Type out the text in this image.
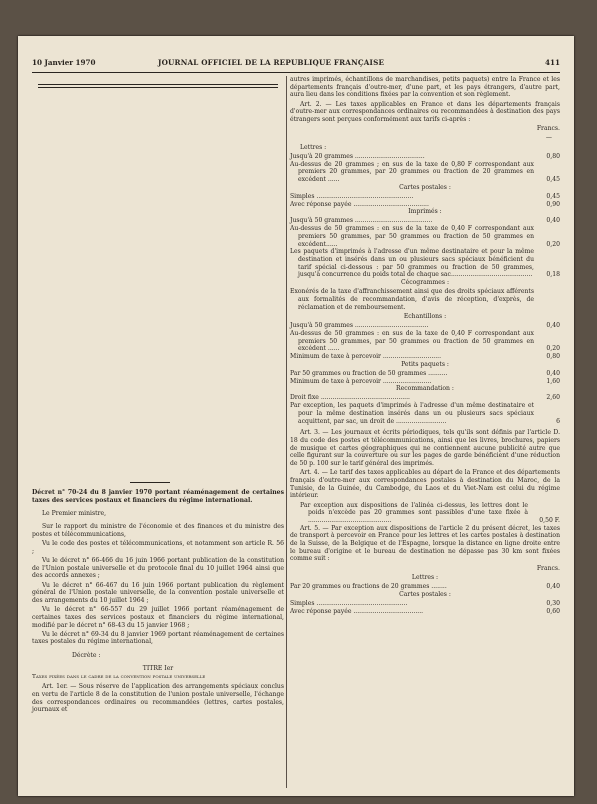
10 Janvier 1970	JOURNAL OFFICIEL DE LA REPUBLIQUE FRANÇAISE	411

Décret n° 70-24 du 8 janvier 1970 portant réaménagement de certaines taxes des services postaux et financiers du régime international.

Le Premier ministre,

Sur le rapport du ministre de l'économie et des finances et du ministre des postes et télécommunications,

Vu le code des postes et télécommunications, et notamment son article R. 56 ;

Vu le décret n° 66-466 du 16 juin 1966 portant publication de la constitution de l'Union postale universelle et du protocole final du 10 juillet 1964 ainsi que des accords annexes ;

Vu le décret n° 66-467 du 16 juin 1966 portant publication du règlement général de l'Union postale universelle, de la convention postale universelle et des arrangements du 10 juillet 1964 ;

Vu le décret n° 66-557 du 29 juillet 1966 portant réaménagement de certaines taxes des services postaux et financiers du régime international, modifié par le décret n° 68-43 du 15 janvier 1968 ;

Vu le décret n° 69-34 du 8 janvier 1969 portant réaménagement de certaines taxes postales du régime international,

Décrète :

TITRE Ier

Taxes fixées dans le cadre de la convention postale universelle

Art. 1er. — Sous réserve de l'application des arrangements spéciaux conclus en vertu de l'article 8 de la constitution de l'union postale universelle, l'échange des correspondances ordinaires ou recommandées (lettres, cartes postales, journaux et

autres imprimés, échantillons de marchandises, petits paquets) entre la France et les départements français d'outre-mer, d'une part, et les pays étrangers, d'autre part, aura lieu dans les conditions fixées par la convention et son règlement.

Art. 2. — Les taxes applicables en France et dans les départements français d'outre-mer aux correspondances ordinaires ou recommandées à destination des pays étrangers sont perçues conformément aux tarifs ci-après :

Francs.

—

Lettres :

Jusqu'à 20 grammes ....................................	0,80
Au-dessus de 20 grammes ; en sus de la taxe de 0,80 F correspondant aux premiers 20 grammes, par 20 grammes ou fraction de 20 grammes en excédent ......	0,45

Cartes postales :

Simples ..................................................	0,45
Avec réponse payée .......................................	0,90

Imprimés :

Jusqu'à 50 grammes ........................................	0,40
Au-dessus de 50 grammes : en sus de la taxe de 0,40 F correspondant aux premiers 50 grammes, par 50 grammes ou fraction de 50 grammes en excédent......	0,20
Les paquets d'imprimés à l'adresse d'un même destinataire et pour la même destination et insérés dans un ou plusieurs sacs spéciaux bénéficient du tarif spécial ci-dessous : par 50 grammes ou fraction de 50 grammes, jusqu'à concurrence du poids total de chaque sac..........................................	0,18

Cécogrammes :

Exonérés de la taxe d'affranchissement ainsi que des droits spéciaux afférents aux formalités de recommandation, d'avis de réception, d'exprès, de réclamation et de remboursement.

Echantillons :

Jusqu'à 50 grammes ......................................	0,40
Au-dessus de 50 grammes : en sus de la taxe de 0,40 F correspondant aux premiers 50 grammes, par 50 grammes ou fraction de 50 grammes en excédent ......	0,20
Minimum de taxe à percevoir ..............................	0,80

Petits paquets :

Par 50 grammes ou fraction de 50 grammes ..........	0,40
Minimum de taxe à percevoir .........................	1,60

Recommandation :

Droit fixe ..............................................	2,60
Par exception, les paquets d'imprimés à l'adresse d'un même destinataire et pour la même destination insérés dans un ou plusieurs sacs spéciaux acquittent, par sac, un droit de ..........................	6

Art. 3. — Les journaux et écrits périodiques, tels qu'ils sont définis par l'article D. 18 du code des postes et télécommunications, ainsi que les livres, brochures, papiers de musique et cartes géographiques qui ne contiennent aucune publicité autre que celle figurant sur la couverture ou sur les pages de garde bénéficient d'une réduction de 50 p. 100 sur le tarif général des imprimés.

Art. 4. — Le tarif des taxes applicables au départ de la France et des départements français d'outre-mer aux correspondances postales à destination du Maroc, de la Tunisie, de la Guinée, du Cambodge, du Laos et du Viet-Nam est celui du régime intérieur.

Par exception aux dispositions de l'alinéa ci-dessus, les lettres dont le poids n'excède pas 20 grammes sont passibles d'une taxe fixée à ...........................................	0,50 F.

Art. 5. — Par exception aux dispositions de l'article 2 du présent décret, les taxes de transport à percevoir en France pour les lettres et les cartes postales à destination de la Suisse, de la Belgique et de l'Espagne, lorsque la distance en ligne droite entre le bureau d'origine et le bureau de destination ne dépasse pas 30 km sont fixées comme suit :

Francs.

Lettres :

Par 20 grammes ou fractions de 20 grammes ........	0,40

Cartes postales :

Simples ...............................................	0,30
Avec réponse payée ....................................	0,60
